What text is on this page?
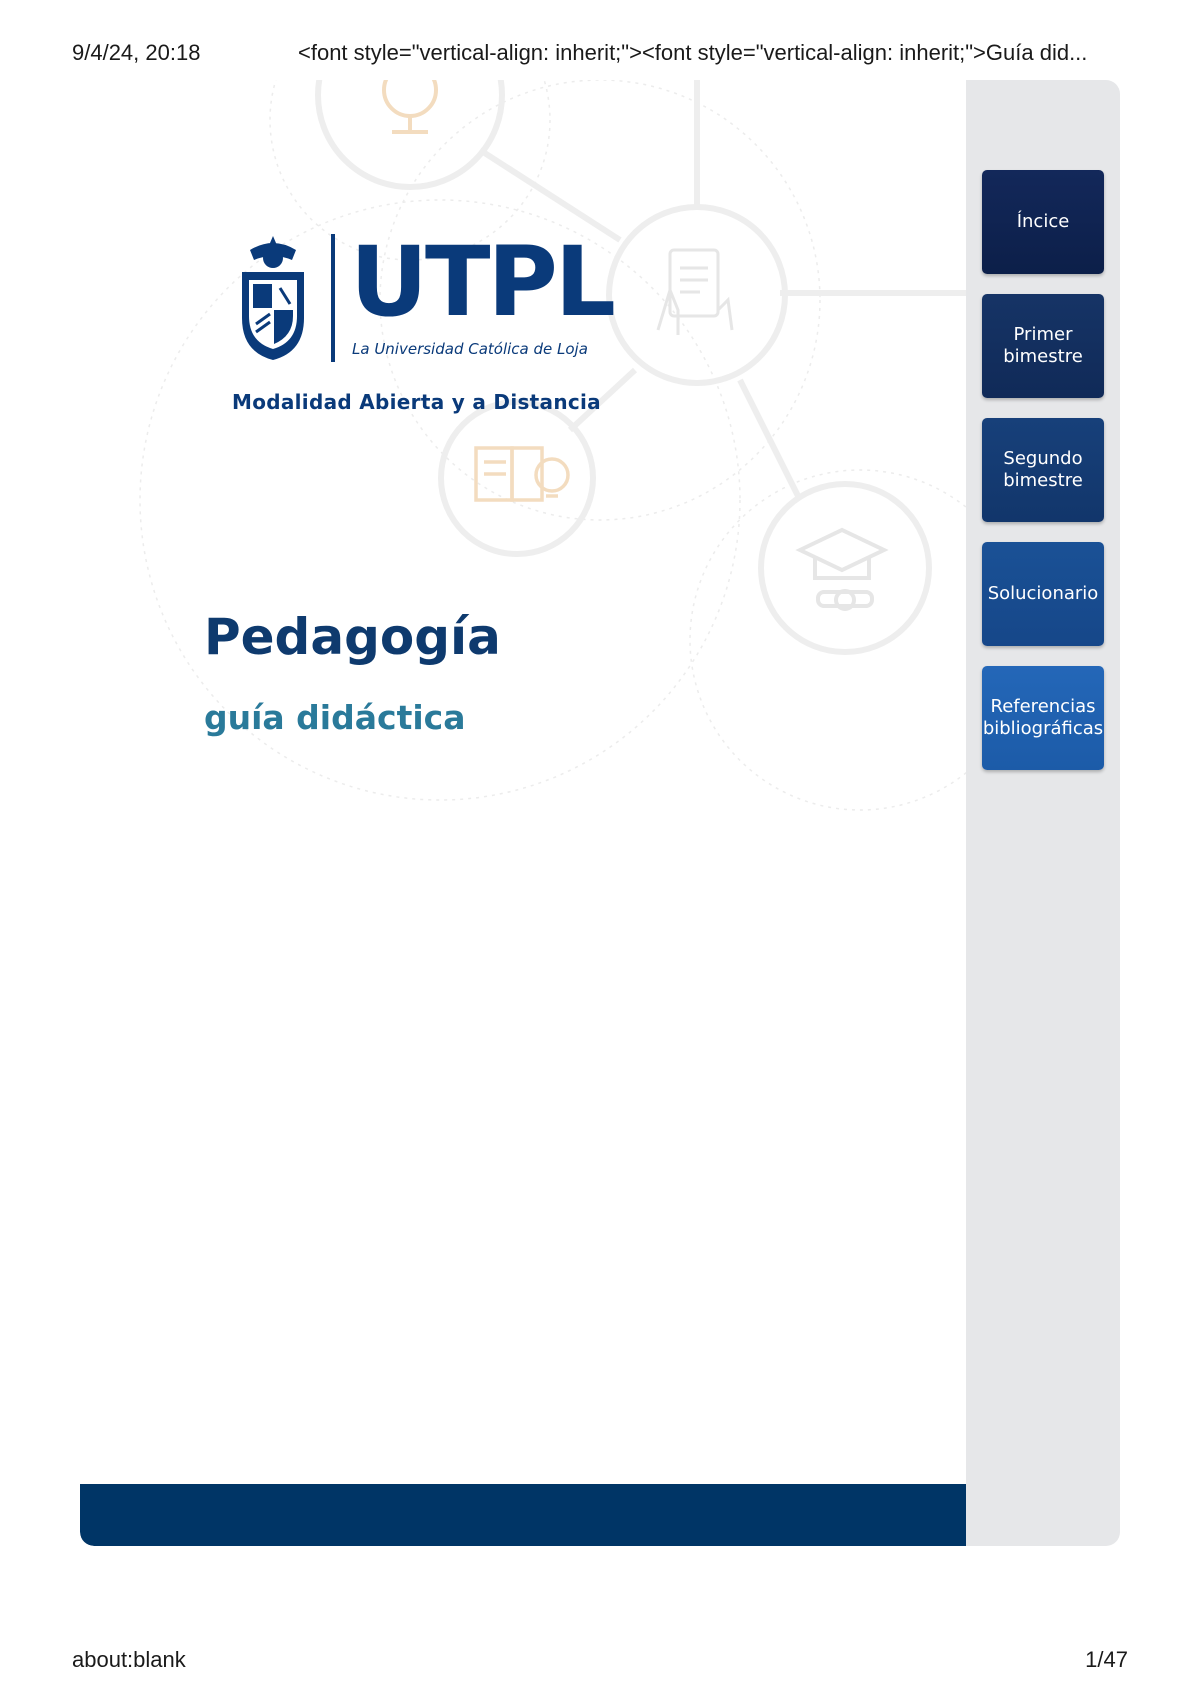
9/4/24, 20:18	<font style="vertical-align: inherit;"><font style="vertical-align: inherit;">Guía did...
UTPL
La Universidad Católica de Loja
Modalidad Abierta y a Distancia
Pedagogía
guía didáctica
Íncice
Primer
bimestre
Segundo
bimestre
Solucionario
Referencias
bibliográficas
about:blank	1/47
